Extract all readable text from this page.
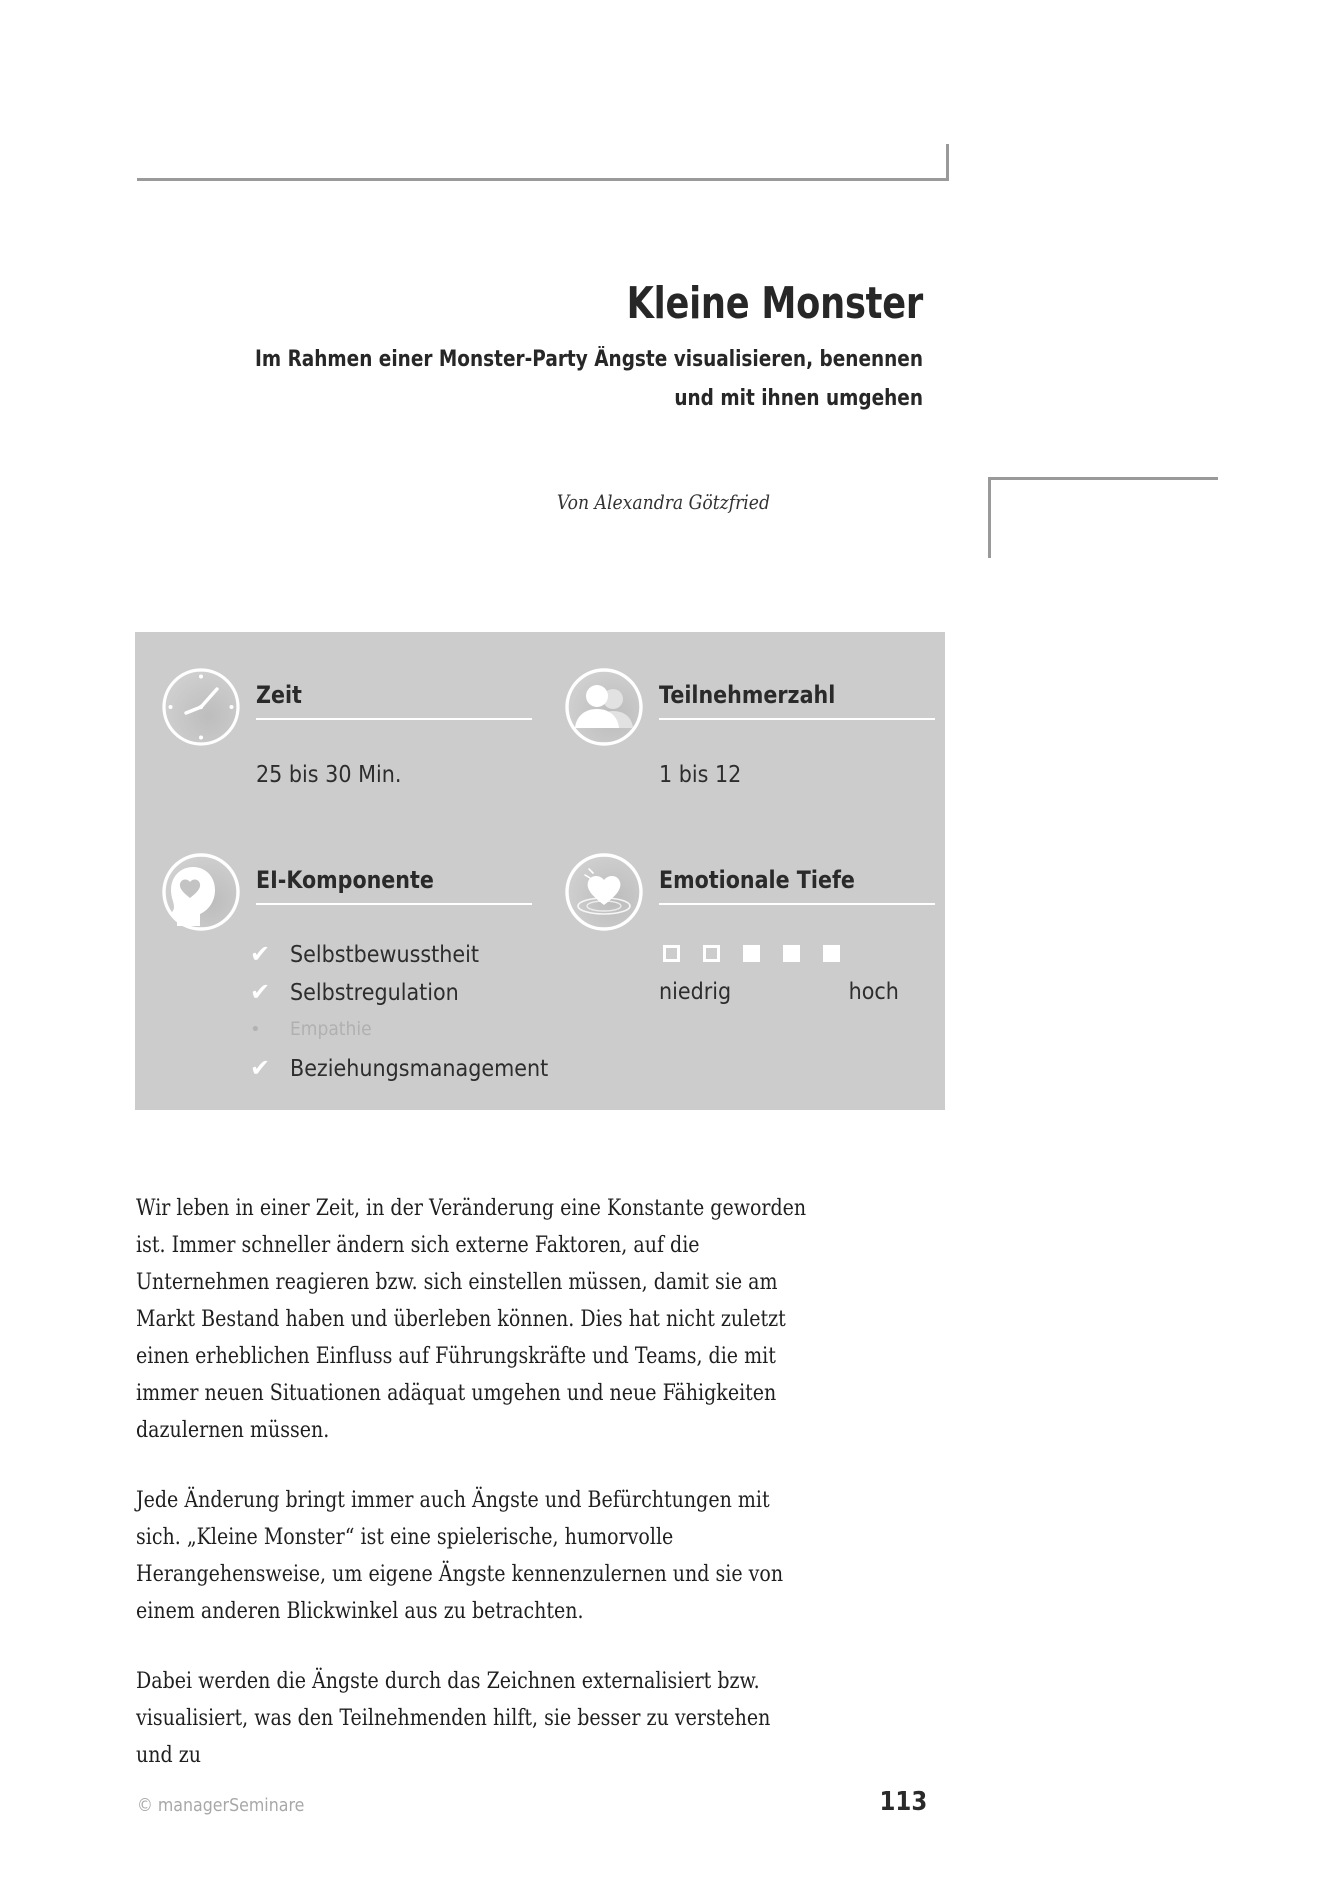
Kleine Monster
Im Rahmen einer Monster-Party Ängste visualisieren, benennen
und mit ihnen umgehen
Von Alexandra Götzfried
Zeit
25 bis 30 Min.
Teilnehmerzahl
1 bis 12
EI-Komponente
✔ Selbstbewusstheit
✔ Selbstregulation
•	Empathie
✔ Beziehungsmanagement
Emotionale Tiefe
niedrig	hoch

Wir leben in einer Zeit, in der Veränderung eine Konstante geworden ist. Immer schneller ändern sich externe Faktoren, auf die Unternehmen reagieren bzw. sich einstellen müssen, damit sie am Markt Bestand haben und überleben können. Dies hat nicht zuletzt einen erheblichen Einfluss auf Führungskräfte und Teams, die mit immer neuen Situationen adäquat umgehen und neue Fähigkeiten dazulernen müssen.

Jede Änderung bringt immer auch Ängste und Befürchtungen mit sich. „Kleine Monster“ ist eine spielerische, humorvolle Herangehensweise, um eigene Ängste kennenzulernen und sie von einem anderen Blickwinkel aus zu betrachten.

Dabei werden die Ängste durch das Zeichnen externalisiert bzw. visualisiert, was den Teilnehmenden hilft, sie besser zu verstehen und zu

© managerSeminare	113
